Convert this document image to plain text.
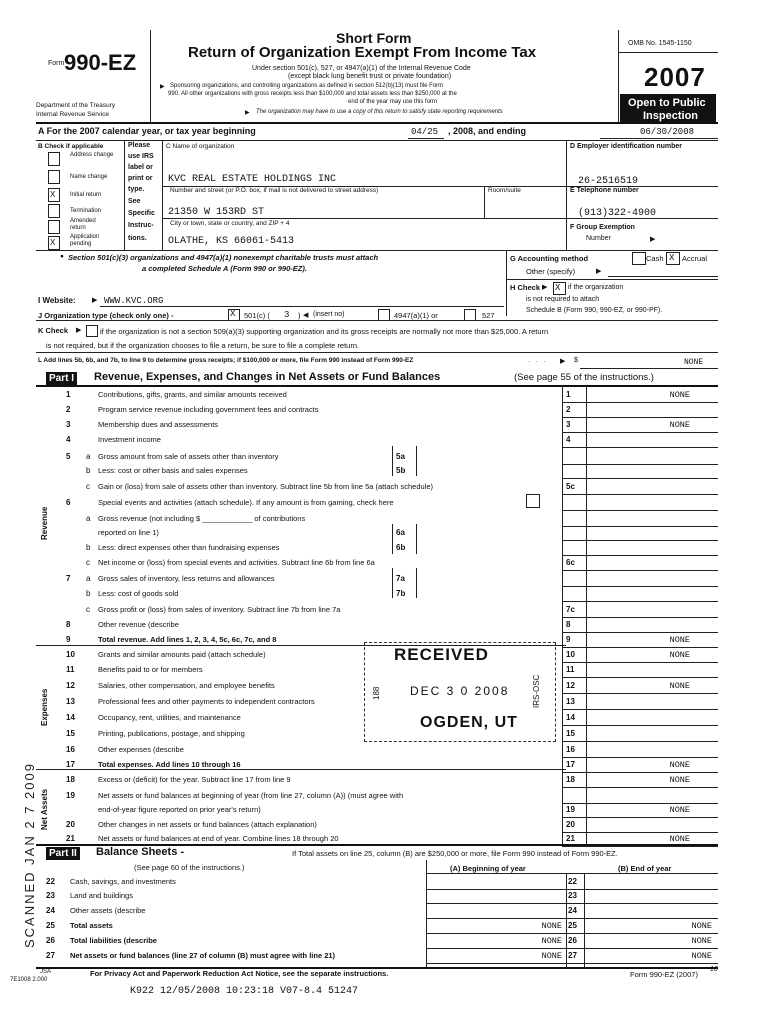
Form 990-EZ
Department of the Treasury
Internal Revenue Service
Short Form
Return of Organization Exempt From Income Tax
Under section 501(c), 527, or 4947(a)(1) of the Internal Revenue Code
(except black lung benefit trust or private foundation)
▶ Sponsoring organizations, and controlling organizations as defined in section 512(b)(13) must file Form
990. All other organizations with gross receipts less than $100,000 and total assets less than $250,000 at the
end of the year may use this form
▶ The organization may have to use a copy of this return to satisfy state reporting requirements
OMB No. 1545-1150
2007
Open to Public
Inspection
A For the 2007 calendar year, or tax year beginning	04/25 , 2008, and ending	06/30/2008
B Check if applicable
Address change
Name change
X Initial return
Termination
Amended return
X
Application pending
Please
use IRS
label or
print or
type.
See
Specific
Instruc-
tions.
C Name of organization
KVC REAL ESTATE HOLDINGS INC
Number and street (or P.O. box, if mail is not delivered to street address)	Room/suite
21350 W 153RD ST
City or town, state or country, and ZIP + 4
OLATHE, KS 66061-5413
D Employer identification number
26-2516519
E Telephone number
(913)322-4900
F Group Exemption
Number	▶
● Section 501(c)(3) organizations and 4947(a)(1) nonexempt charitable trusts must attach
a completed Schedule A (Form 990 or 990-EZ).
G Accounting method	Cash X Accrual
Other (specify)	▶
H Check ▶ X if the organization
is not required to attach
Schedule B (Form 990, 990-EZ, or 990-PF).
I Website: ▶ WWW.KVC.ORG
J Organization type (check only one) -	X 501(c) ( 3 ) ◀ (insert no)	4947(a)(1) or	527
K Check ▶ if the organization is not a section 509(a)(3) supporting organization and its gross receipts are normally not more than $25,000. A return
is not required, but if the organization chooses to file a return, be sure to file a complete return.
L Add lines 5b, 6b, and 7b, to line 9 to determine gross receipts; if $100,000 or more, file Form 990 instead of Form 990-EZ	. . . ▶ $	NONE
Part I Revenue, Expenses, and Changes in Net Assets or Fund Balances	(See page 55 of the instructions.)
Revenue
Expenses
Net Assets
1	Contributions, gifts, grants, and similar amounts received	1	NONE
2	Program service revenue including government fees and contracts	2
3	Membership dues and assessments	3	NONE
4	Investment income	4
5 a Gross amount from sale of assets other than inventory	5a
b Less: cost or other basis and sales expenses	5b
c Gain or (loss) from sale of assets other than inventory. Subtract line 5b from line 5a (attach schedule)	5c
6	Special events and activities (attach schedule). If any amount is from gaming, check here
a Gross revenue (not including $ ____________ of contributions
reported on line 1)	6a
b Less: direct expenses other than fundraising expenses	6b
c Net income or (loss) from special events and activities. Subtract line 6b from line 6a	6c
7 a Gross sales of inventory, less returns and allowances	7a
b Less: cost of goods sold	7b
c Gross profit or (loss) from sales of inventory. Subtract line 7b from line 7a	7c
8	Other revenue (describe	8
9	Total revenue. Add lines 1, 2, 3, 4, 5c, 6c, 7c, and 8	9	NONE
10	Grants and similar amounts paid (attach schedule)	10	NONE
11	Benefits paid to or for members	11
12	Salaries, other compensation, and employee benefits	12	NONE
13	Professional fees and other payments to independent contractors	13
14	Occupancy, rent, utilities, and maintenance	14
15	Printing, publications, postage, and shipping	15
16	Other expenses (describe	16
17	Total expenses. Add lines 10 through 16	17	NONE
18	Excess or (deficit) for the year. Subtract line 17 from line 9	18	NONE
19	Net assets or fund balances at beginning of year (from line 27, column (A)) (must agree with
end-of-year figure reported on prior year's return)	19	NONE
20	Other changes in net assets or fund balances (attach explanation)	20
21	Net assets or fund balances at end of year. Combine lines 18 through 20	21	NONE
RECEIVED
DEC 3 0 2008
OGDEN, UT
188	IRS-OSC
Part II Balance Sheets -	If Total assets on line 25, column (B) are $250,000 or more, file Form 990 instead of Form 990-EZ.
(See page 60 of the instructions.)	(A) Beginning of year	(B) End of year
22 Cash, savings, and investments	22
23 Land and buildings	23
24 Other assets (describe	24
25 Total assets	NONE 25	NONE
26 Total liabilities (describe	NONE 26	NONE
27 Net assets or fund balances (line 27 of column (B) must agree with line 21)	NONE 27	NONE
JSA
7E1008 2.000
For Privacy Act and Paperwork Reduction Act Notice, see the separate instructions.	Form 990-EZ (2007)
10
K922 12/05/2008 10:23:18 V07-8.4 51247
SCANNED JAN 2 7 2009
